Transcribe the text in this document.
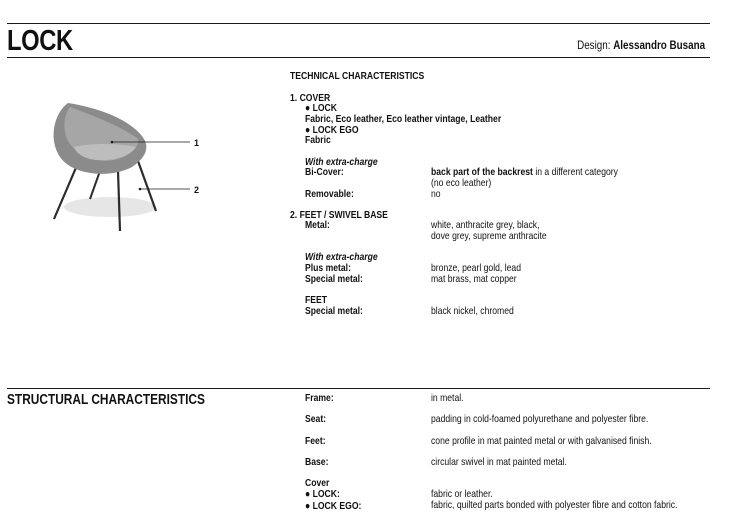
LOCK	Design: Alessandro Busana
1
2
TECHNICAL CHARACTERISTICS
1. COVER
● LOCK
Fabric, Eco leather, Eco leather vintage, Leather
● LOCK EGO
Fabric
With extra-charge
Bi-Cover:	back part of the backrest in a different category
(no eco leather)
Removable:	no
2. FEET / SWIVEL BASE
Metal:	white, anthracite grey, black,
dove grey, supreme anthracite
With extra-charge
Plus metal:	bronze, pearl gold, lead
Special metal:	mat brass, mat copper
FEET
Special metal:	black nickel, chromed
STRUCTURAL CHARACTERISTICS	Frame:	in metal.
Seat:	padding in cold-foamed polyurethane and polyester fibre.
Feet:	cone profile in mat painted metal or with galvanised finish.
Base:	circular swivel in mat painted metal.
Cover
● LOCK:	fabric or leather.
● LOCK EGO:	fabric, quilted parts bonded with polyester fibre and cotton fabric.
